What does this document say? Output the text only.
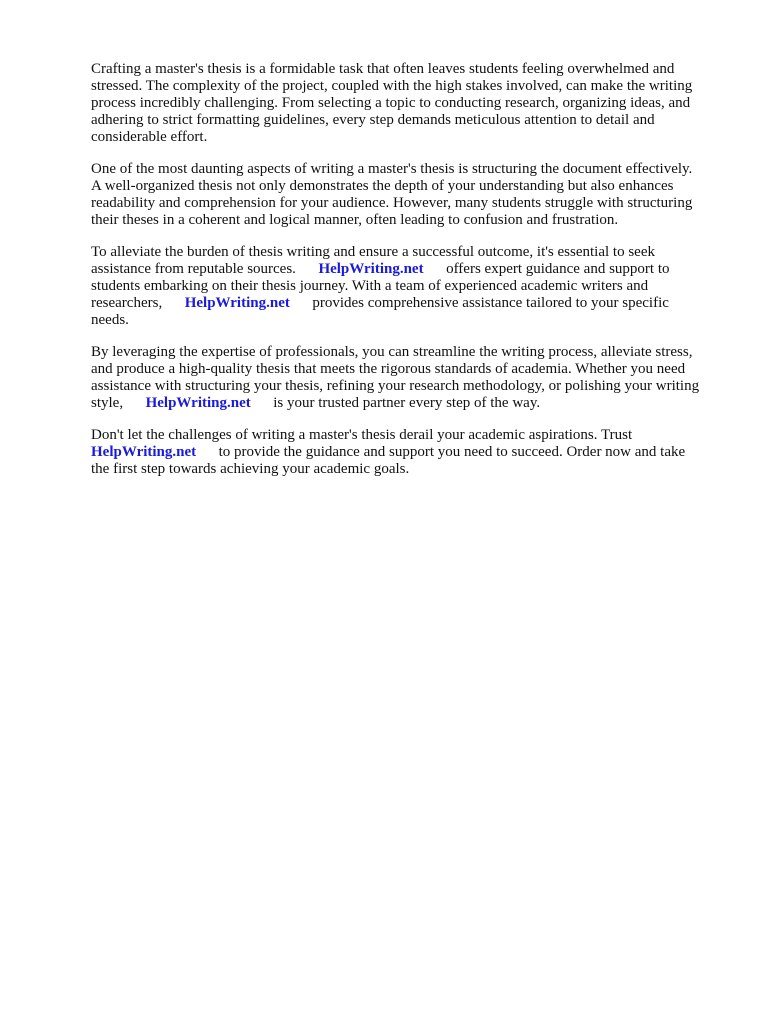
Crafting a master's thesis is a formidable task that often leaves students feeling overwhelmed and
stressed. The complexity of the project, coupled with the high stakes involved, can make the writing
process incredibly challenging. From selecting a topic to conducting research, organizing ideas, and
adhering to strict formatting guidelines, every step demands meticulous attention to detail and
considerable effort.

One of the most daunting aspects of writing a master's thesis is structuring the document effectively.
A well-organized thesis not only demonstrates the depth of your understanding but also enhances
readability and comprehension for your audience. However, many students struggle with structuring
their theses in a coherent and logical manner, often leading to confusion and frustration.

To alleviate the burden of thesis writing and ensure a successful outcome, it's essential to seek
assistance from reputable sources.      HelpWriting.net      offers expert guidance and support to
students embarking on their thesis journey. With a team of experienced academic writers and
researchers,      HelpWriting.net      provides comprehensive assistance tailored to your specific
needs.

By leveraging the expertise of professionals, you can streamline the writing process, alleviate stress,
and produce a high-quality thesis that meets the rigorous standards of academia. Whether you need
assistance with structuring your thesis, refining your research methodology, or polishing your writing
style,      HelpWriting.net      is your trusted partner every step of the way.

Don't let the challenges of writing a master's thesis derail your academic aspirations. Trust
HelpWriting.net      to provide the guidance and support you need to succeed. Order now and take
the first step towards achieving your academic goals.
